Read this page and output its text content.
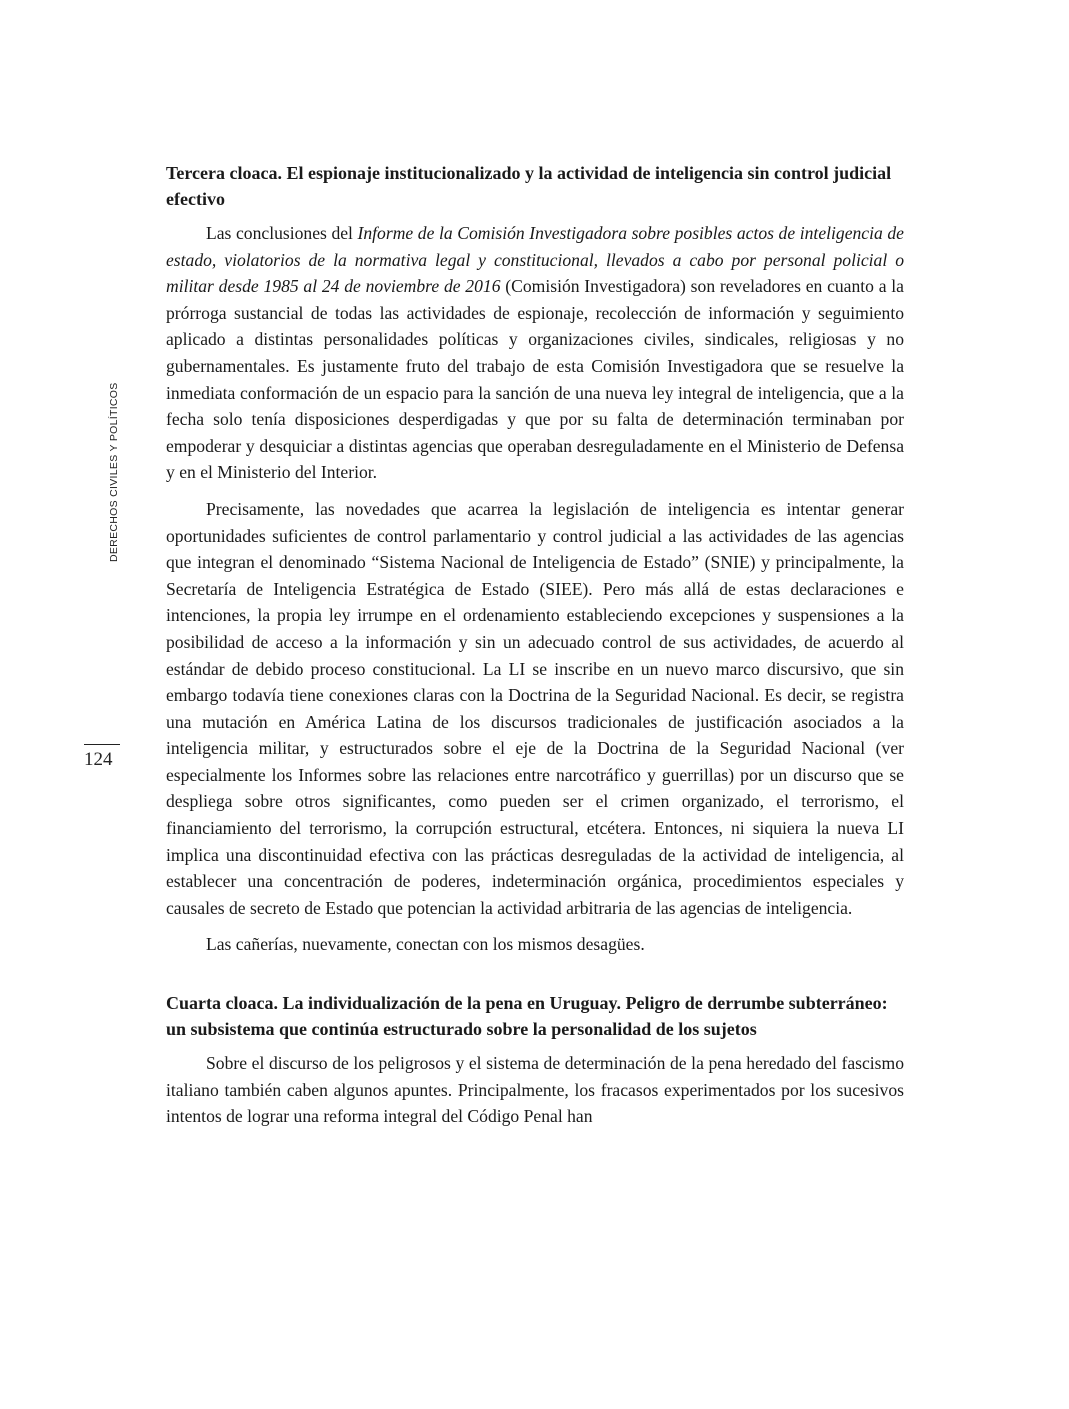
DERECHOS CIVILES Y POLÍTICOS
124
Tercera cloaca. El espionaje institucionalizado y la actividad de inteligencia sin control judicial efectivo

Las conclusiones del Informe de la Comisión Investigadora sobre posibles actos de inteligencia de estado, violatorios de la normativa legal y constitucional, llevados a cabo por personal policial o militar desde 1985 al 24 de noviembre de 2016 (Comisión Investigadora) son reveladores en cuanto a la prórroga sustancial de todas las actividades de espionaje, recolección de información y seguimiento aplicado a distintas personalidades políticas y organizaciones civiles, sindicales, religiosas y no gubernamentales. Es justamente fruto del trabajo de esta Comisión Investigadora que se resuelve la inmediata conformación de un espacio para la sanción de una nueva ley integral de inteligencia, que a la fecha solo tenía disposiciones desperdigadas y que por su falta de determinación terminaban por empoderar y desquiciar a distintas agencias que operaban desreguladamente en el Ministerio de Defensa y en el Ministerio del Interior.

Precisamente, las novedades que acarrea la legislación de inteligencia es intentar generar oportunidades suficientes de control parlamentario y control judicial a las actividades de las agencias que integran el denominado “Sistema Nacional de Inteligencia de Estado” (SNIE) y principalmente, la Secretaría de Inteligencia Estratégica de Estado (SIEE). Pero más allá de estas declaraciones e intenciones, la propia ley irrumpe en el ordenamiento estableciendo excepciones y suspensiones a la posibilidad de acceso a la información y sin un adecuado control de sus actividades, de acuerdo al estándar de debido proceso constitucional. La LI se inscribe en un nuevo marco discursivo, que sin embargo todavía tiene conexiones claras con la Doctrina de la Seguridad Nacional. Es decir, se registra una mutación en América Latina de los discursos tradicionales de justificación asociados a la inteligencia militar, y estructurados sobre el eje de la Doctrina de la Seguridad Nacional (ver especialmente los Informes sobre las relaciones entre narcotráfico y guerrillas) por un discurso que se despliega sobre otros significantes, como pueden ser el crimen organizado, el terrorismo, el financiamiento del terrorismo, la corrupción estructural, etcétera. Entonces, ni siquiera la nueva LI implica una discontinuidad efectiva con las prácticas desreguladas de la actividad de inteligencia, al establecer una concentración de poderes, indeterminación orgánica, procedimientos especiales y causales de secreto de Estado que potencian la actividad arbitraria de las agencias de inteligencia.

Las cañerías, nuevamente, conectan con los mismos desagües.

Cuarta cloaca. La individualización de la pena en Uruguay. Peligro de derrumbe subterráneo: un subsistema que continúa estructurado sobre la personalidad de los sujetos

Sobre el discurso de los peligrosos y el sistema de determinación de la pena heredado del fascismo italiano también caben algunos apuntes. Principalmente, los fracasos experimentados por los sucesivos intentos de lograr una reforma integral del Código Penal han
